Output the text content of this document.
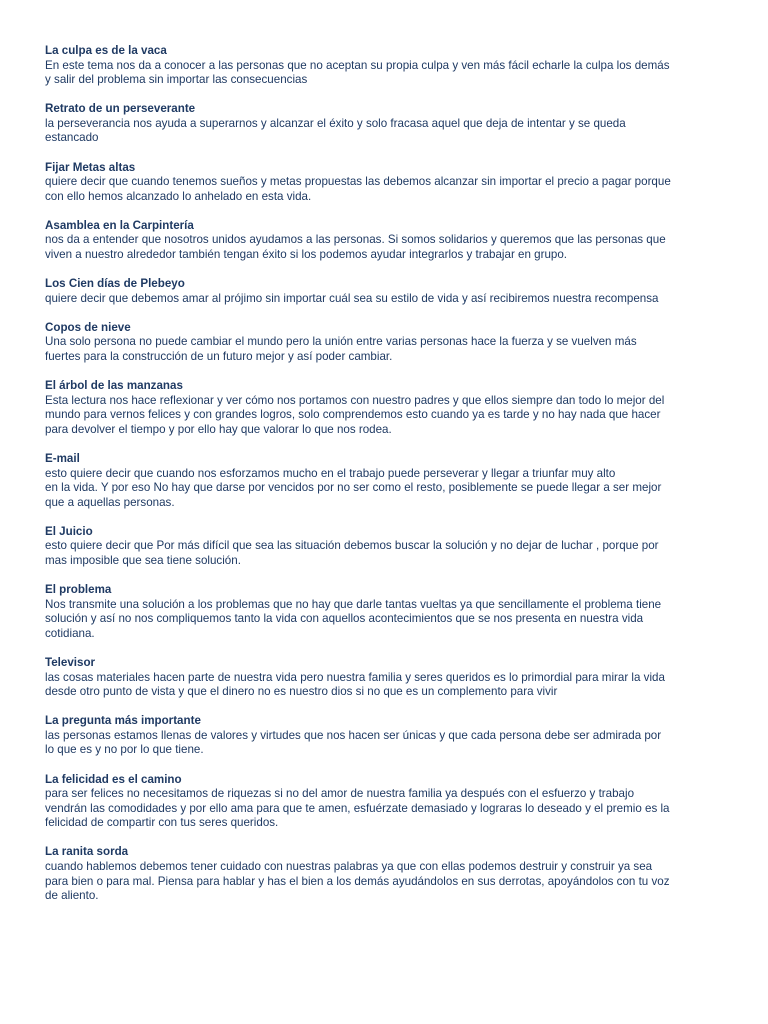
La culpa es de la vaca
En este tema nos da a conocer a las personas que no aceptan su propia culpa y ven más fácil echarle la culpa los demás
y salir del problema sin importar las consecuencias
Retrato de un perseverante
la perseverancia nos ayuda a superarnos y alcanzar el éxito y solo fracasa aquel que deja de intentar y se queda
estancado
Fijar Metas altas
quiere decir que cuando tenemos sueños y metas propuestas las debemos alcanzar sin importar el precio a pagar porque
con ello hemos alcanzado lo anhelado en esta vida.
Asamblea en la Carpintería
nos da a entender que nosotros unidos ayudamos a las personas. Si somos solidarios y queremos que las personas que
viven a nuestro alrededor también tengan éxito si los podemos ayudar integrarlos y trabajar en grupo.
Los Cien días de Plebeyo
quiere decir que debemos amar al prójimo sin importar cuál sea su estilo de vida y así recibiremos nuestra recompensa
Copos de nieve
Una solo persona no puede cambiar el mundo pero la unión entre varias personas hace la fuerza y se vuelven más
fuertes para la construcción de un futuro mejor y así poder cambiar.
El árbol de las manzanas
Esta lectura nos hace reflexionar y ver cómo nos portamos con nuestro padres y que ellos siempre dan todo lo mejor del
mundo para vernos felices y con grandes logros, solo comprendemos esto cuando ya es tarde y no hay nada que hacer
para devolver el tiempo y por ello hay que valorar lo que nos rodea.
E-mail
esto quiere decir que cuando nos esforzamos mucho en el trabajo puede perseverar y llegar a triunfar muy alto
en la vida. Y por eso No hay que darse por vencidos por no ser como el resto, posiblemente se puede llegar a ser mejor
que a aquellas personas.
El Juicio
esto quiere decir que Por más difícil que sea las situación debemos buscar la solución y no dejar de luchar , porque por
mas imposible que sea tiene solución.
El problema
Nos transmite una solución a los problemas que no hay que darle tantas vueltas ya que sencillamente el problema tiene
solución y así no nos compliquemos tanto la vida con aquellos acontecimientos que se nos presenta en nuestra vida
cotidiana.
Televisor
las cosas materiales hacen parte de nuestra vida pero nuestra familia y seres queridos es lo primordial para mirar la vida
desde otro punto de vista y que el dinero no es nuestro dios si no que es un complemento para vivir
La pregunta más importante
las personas estamos llenas de valores y virtudes que nos hacen ser únicas y que cada persona debe ser admirada por
lo que es y no por lo que tiene.
La felicidad es el camino
para ser felices no necesitamos de riquezas si no del amor de nuestra familia ya después con el esfuerzo y trabajo
vendrán las comodidades y por ello ama para que te amen, esfuérzate demasiado y lograras lo deseado y el premio es la
felicidad de compartir con tus seres queridos.
La ranita sorda
cuando hablemos debemos tener cuidado con nuestras palabras ya que con ellas podemos destruir y construir ya sea
para bien o para mal. Piensa para hablar y has el bien a los demás ayudándolos en sus derrotas, apoyándolos con tu voz
de aliento.
